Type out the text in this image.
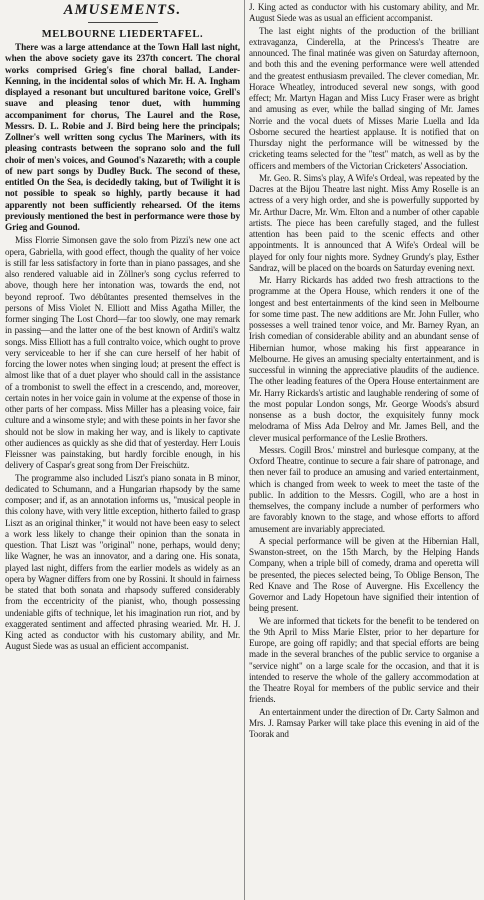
AMUSEMENTS.
MELBOURNE LIEDERTAFEL.

There was a large attendance at the Town Hall last night, when the above society gave its 237th concert. The choral works comprised Grieg's fine choral ballad, Lander-Kenning, in the incidental solos of which Mr. H. A. Ingham displayed a resonant but uncultured baritone voice, Grell's suave and pleasing tenor duet, with humming accompaniment for chorus, The Laurel and the Rose, Messrs. D. L. Robie and J. Bird being here the principals; Zollner's well written song cyclus The Mariners, with its pleasing contrasts between the soprano solo and the full choir of men's voices, and Gounod's Nazareth; with a couple of new part songs by Dudley Buck. The second of these, entitled On the Sea, is decidedly taking, but of Twilight it is not possible to speak so highly, partly because it had apparently not been sufficiently rehearsed. Of the items previously mentioned the best in performance were those by Grieg and Gounod.

Miss Florrie Simonsen gave the solo from Pizzi's new one act opera, Gabriella, with good effect, though the quality of her voice is still far less satisfactory in forte than in piano passages, and she also rendered valuable aid in Zöllner's song cyclus referred to above, though here her intonation was, towards the end, not beyond reproof. Two débûtantes presented themselves in the persons of Miss Violet N. Elliott and Miss Agatha Miller, the former singing The Lost Chord—far too slowly, one may remark in passing—and the latter one of the best known of Arditi's waltz songs. Miss Elliott has a full contralto voice, which ought to prove very serviceable to her if she can cure herself of her habit of forcing the lower notes when singing loud; at present the effect is almost like that of a duet player who should call in the assistance of a trombonist to swell the effect in a crescendo, and, moreover, certain notes in her voice gain in volume at the expense of those in other parts of her compass. Miss Miller has a pleasing voice, fair culture and a winsome style; and with these points in her favor she should not be slow in making her way, and is likely to captivate other audiences as quickly as she did that of yesterday. Herr Louis Fleissner was painstaking, but hardly forcible enough, in his delivery of Caspar's great song from Der Freischütz.

The programme also included Liszt's piano sonata in B minor, dedicated to Schumann, and a Hungarian rhapsody by the same composer; and if, as an annotation informs us, "musical people in this colony have, with very little exception, hitherto failed to grasp Liszt as an original thinker," it would not have been easy to select a work less likely to change their opinion than the sonata in question. That Liszt was "original" none, perhaps, would deny; like Wagner, he was an innovator, and a daring one. His sonata, played last night, differs from the earlier models as widely as an opera by Wagner differs from one by Rossini. It should in fairness be stated that both sonata and rhapsody suffered considerably from the eccentricity of the pianist, who, though possessing undeniable gifts of technique, let his imagination run riot, and by exaggerated sentiment and affected phrasing wearied. Mr. H. J. King acted as conductor with his customary ability, and Mr. August Siede was as usual an efficient accompanist.

J. King acted as conductor with his customary ability, and Mr. August Siede was as usual an efficient accompanist.

The last eight nights of the production of the brilliant extravaganza, Cinderella, at the Princess's Theatre are announced. The final matinée was given on Saturday afternoon, and both this and the evening performance were well attended and the greatest enthusiasm prevailed. The clever comedian, Mr. Horace Wheatley, introduced several new songs, with good effect; Mr. Martyn Hagan and Miss Lucy Fraser were as bright and amusing as ever, while the ballad singing of Mr. James Norrie and the vocal duets of Misses Marie Luella and Ida Osborne secured the heartiest applause. It is notified that on Thursday night the performance will be witnessed by the cricketing teams selected for the "test" match, as well as by the officers and members of the Victorian Cricketers' Association.

Mr. Geo. R. Sims's play, A Wife's Ordeal, was repeated by the Dacres at the Bijou Theatre last night. Miss Amy Roselle is an actress of a very high order, and she is powerfully supported by Mr. Arthur Dacre, Mr. Wm. Elton and a number of other capable artists. The piece has been carefully staged, and the fullest attention has been paid to the scenic effects and other appointments. It is announced that A Wife's Ordeal will be played for only four nights more. Sydney Grundy's play, Esther Sandraz, will be placed on the boards on Saturday evening next.

Mr. Harry Rickards has added two fresh attractions to the programme at the Opera House, which renders it one of the longest and best entertainments of the kind seen in Melbourne for some time past. The new additions are Mr. John Fuller, who possesses a well trained tenor voice, and Mr. Barney Ryan, an Irish comedian of considerable ability and an abundant sense of Hibernian humor, whose making his first appearance in Melbourne. He gives an amusing specialty entertainment, and is successful in winning the appreciative plaudits of the audience. The other leading features of the Opera House entertainment are Mr. Harry Rickards's artistic and laughable rendering of some of the most popular London songs, Mr. George Woods's absurd nonsense as a bush doctor, the exquisitely funny mock melodrama of Miss Ada Delroy and Mr. James Bell, and the clever musical performance of the Leslie Brothers.

Messrs. Cogill Bros.' minstrel and burlesque company, at the Oxford Theatre, continue to secure a fair share of patronage, and then never fail to produce an amusing and varied entertainment, which is changed from week to week to meet the taste of the public. In addition to the Messrs. Cogill, who are a host in themselves, the company include a number of performers who are favorably known to the stage, and whose efforts to afford amusement are invariably appreciated.

A special performance will be given at the Hibernian Hall, Swanston-street, on the 15th March, by the Helping Hands Company, when a triple bill of comedy, drama and operetta will be presented, the pieces selected being, To Oblige Benson, The Red Knave and The Rose of Auvergne. His Excellency the Governor and Lady Hopetoun have signified their intention of being present.

We are informed that tickets for the benefit to be tendered on the 9th April to Miss Marie Elster, prior to her departure for Europe, are going off rapidly; and that special efforts are being made in the several branches of the public service to organise a "service night" on a large scale for the occasion, and that it is intended to reserve the whole of the gallery accommodation at the Theatre Royal for members of the public service and their friends.

An entertainment under the direction of Dr. Carty Salmon and Mrs. J. Ramsay Parker will take place this evening in aid of the Toorak and
